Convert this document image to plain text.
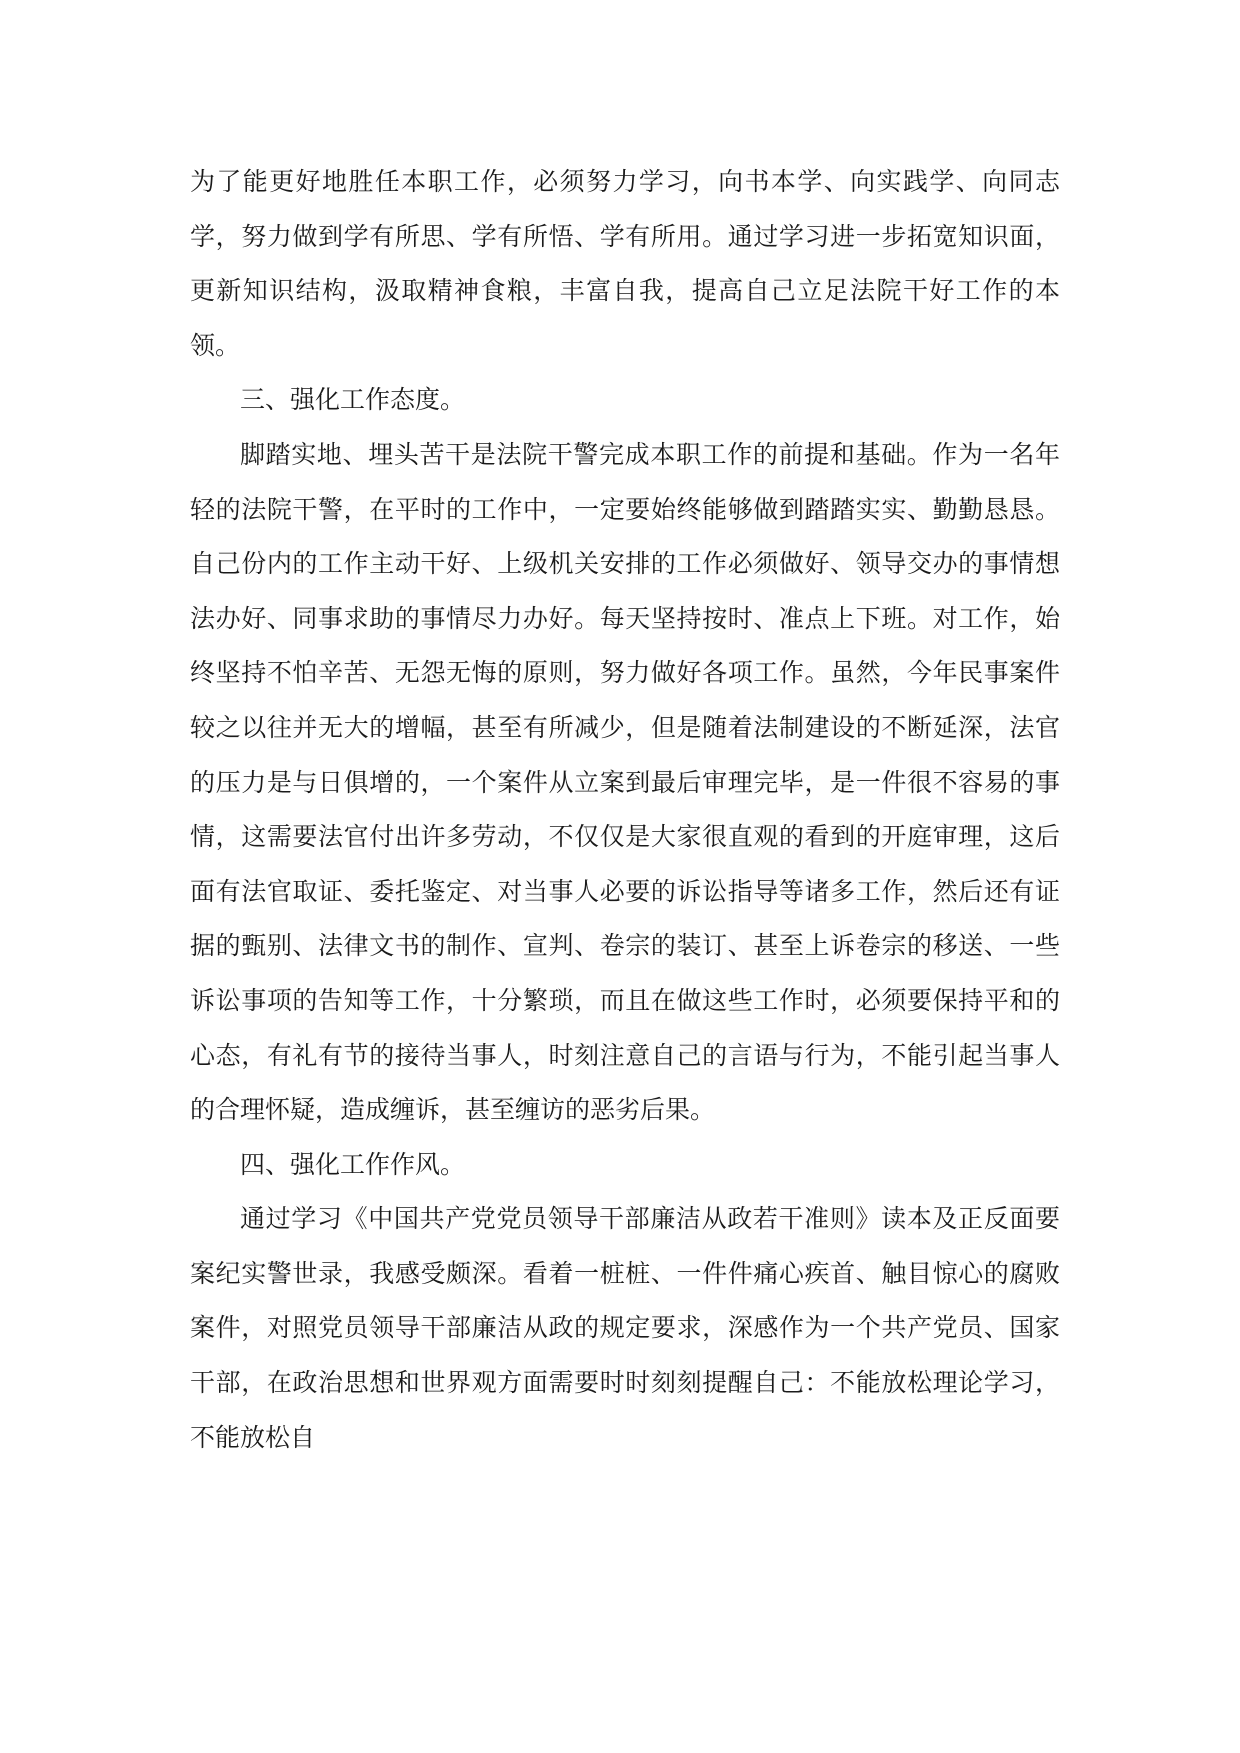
为了能更好地胜任本职工作，必须努力学习，向书本学、向实践学、向同志学，努力做到学有所思、学有所悟、学有所用。通过学习进一步拓宽知识面，更新知识结构，汲取精神食粮，丰富自我，提高自己立足法院干好工作的本领。

三、强化工作态度。

脚踏实地、埋头苦干是法院干警完成本职工作的前提和基础。作为一名年轻的法院干警，在平时的工作中，一定要始终能够做到踏踏实实、勤勤恳恳。自己份内的工作主动干好、上级机关安排的工作必须做好、领导交办的事情想法办好、同事求助的事情尽力办好。每天坚持按时、准点上下班。对工作，始终坚持不怕辛苦、无怨无悔的原则，努力做好各项工作。虽然，今年民事案件较之以往并无大的增幅，甚至有所减少，但是随着法制建设的不断延深，法官的压力是与日俱增的，一个案件从立案到最后审理完毕，是一件很不容易的事情，这需要法官付出许多劳动，不仅仅是大家很直观的看到的开庭审理，这后面有法官取证、委托鉴定、对当事人必要的诉讼指导等诸多工作，然后还有证据的甄别、法律文书的制作、宣判、卷宗的装订、甚至上诉卷宗的移送、一些诉讼事项的告知等工作，十分繁琐，而且在做这些工作时，必须要保持平和的心态，有礼有节的接待当事人，时刻注意自己的言语与行为，不能引起当事人的合理怀疑，造成缠诉，甚至缠访的恶劣后果。

四、强化工作作风。

通过学习《中国共产党党员领导干部廉洁从政若干准则》读本及正反面要案纪实警世录，我感受颇深。看着一桩桩、一件件痛心疾首、触目惊心的腐败案件，对照党员领导干部廉洁从政的规定要求，深感作为一个共产党员、国家干部，在政治思想和世界观方面需要时时刻刻提醒自己：不能放松理论学习，不能放松自
